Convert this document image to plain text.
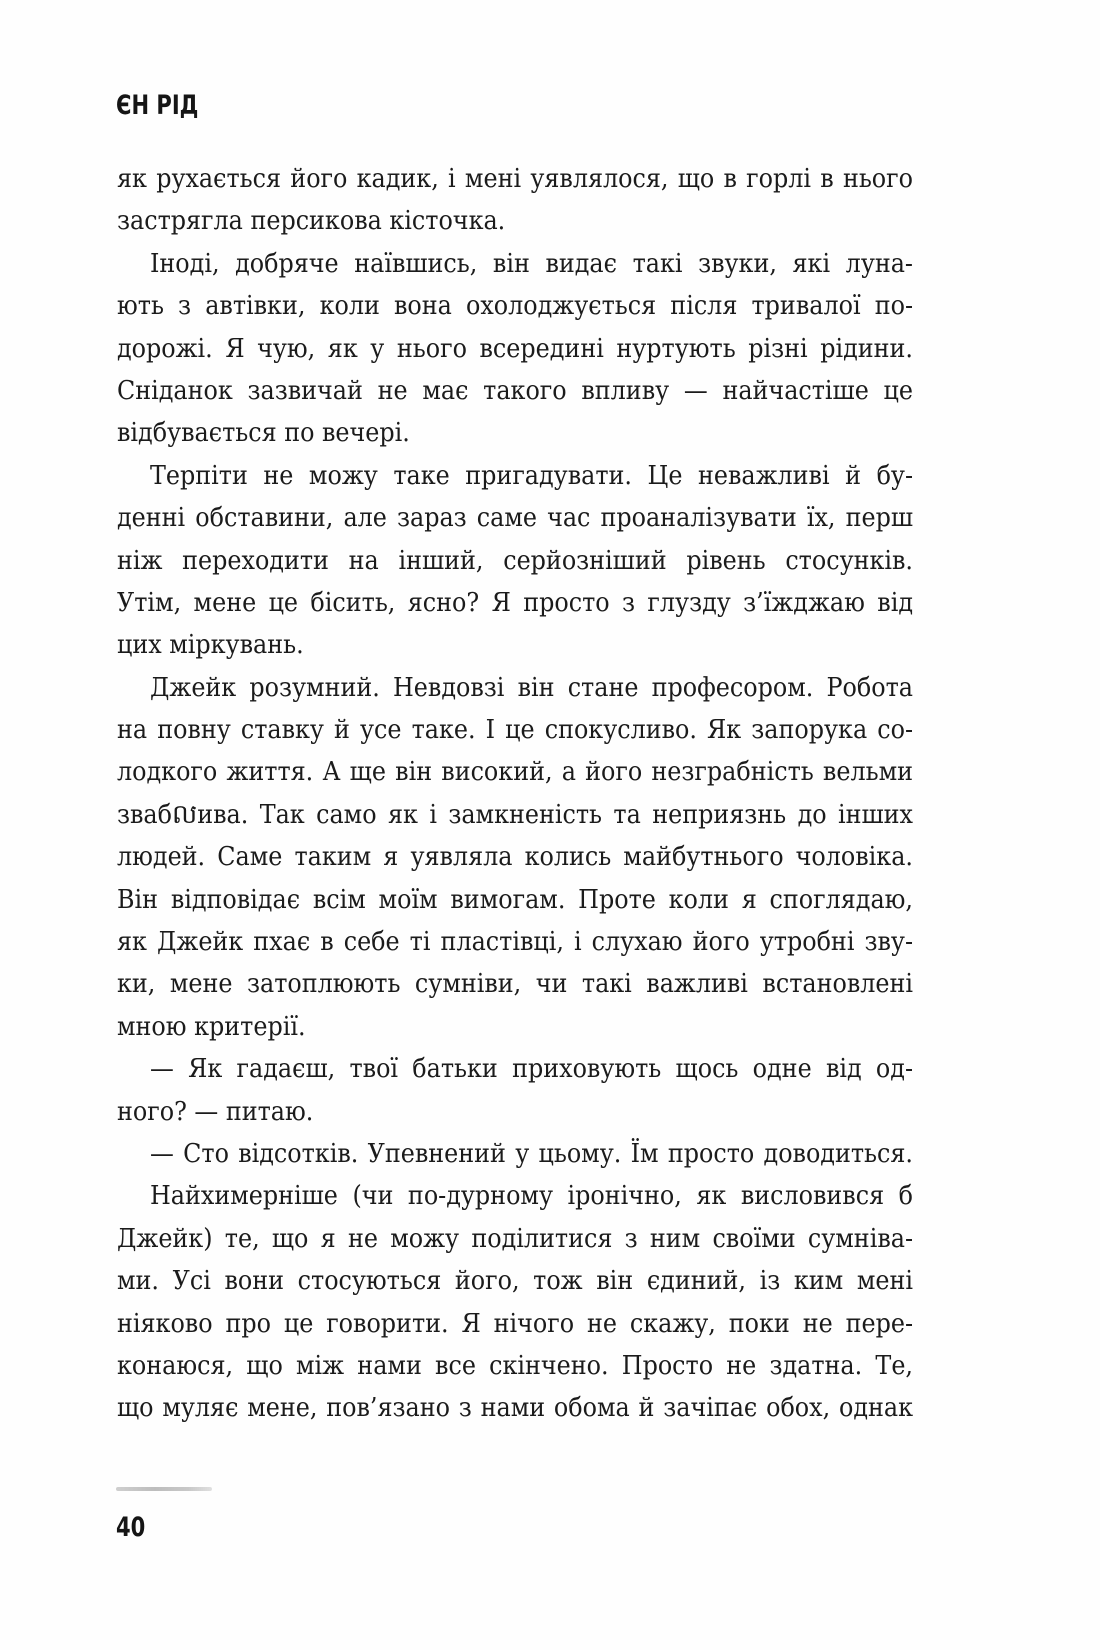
ЄН РІД
як рухається його кадик, і мені уявлялося, що в горлі в нього
застрягла персикова кісточка.
Іноді, добряче наївшись, він видає такі звуки, які луна-
ють з автівки, коли вона охолоджується після тривалої по-
дорожі. Я чую, як у нього всередині нуртують різні рідини.
Сніданок зазвичай не має такого впливу — найчастіше це
відбувається по вечері.
Терпіти не можу таке пригадувати. Це неважливі й бу-
денні обставини, але зараз саме час проаналізувати їх, перш
ніж переходити на інший, серйозніший рівень стосунків.
Утім, мене це бісить, ясно? Я просто з глузду з’їжджаю від
цих міркувань.
Джейк розумний. Невдовзі він стане професором. Робота
на повну ставку й усе таке. І це спокусливо. Як запорука со-
лодкого життя. А ще він високий, а його незграбність вельми
звабលива. Так само як і замкненість та неприязнь до інших
людей. Саме таким я уявляла колись майбутнього чоловіка.
Він відповідає всім моїм вимогам. Проте коли я споглядаю,
як Джейк пхає в себе ті пластівці, і слухаю його утробні зву-
ки, мене затоплюють сумніви, чи такі важливі встановлені
мною критерії.
— Як гадаєш, твої батьки приховують щось одне від од-
ного? — питаю.
— Сто відсотків. Упевнений у цьому. Їм просто доводиться.
Найхимерніше (чи по-дурному іронічно, як висловився б
Джейк) те, що я не можу поділитися з ним своїми сумніва-
ми. Усі вони стосуються його, тож він єдиний, із ким мені
ніяково про це говорити. Я нічого не скажу, поки не пере-
конаюся, що між нами все скінчено. Просто не здатна. Те,
що муляє мене, пов’язано з нами обома й зачіпає обох, однак
40
